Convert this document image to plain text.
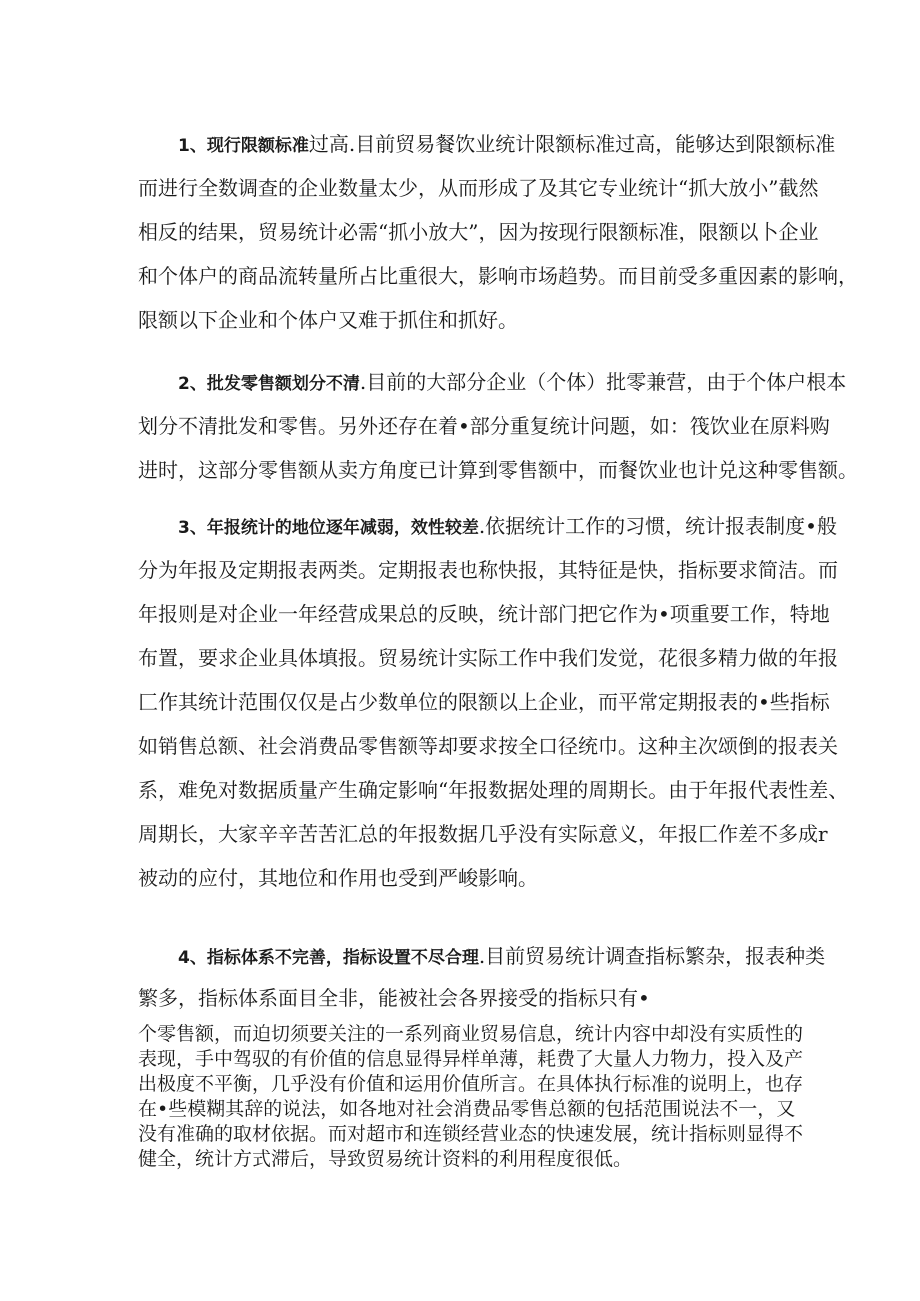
1、现行限额标准过高.目前贸易餐饮业统计限额标准过高，能够达到限额标准
而进行全数调查的企业数量太少，从而形成了及其它专业统计“抓大放小”截然
相反的结果，贸易统计必需“抓小放大”，因为按现行限额标准，限额以卜企业
和个体户的商品流转量所占比重很大，影响市场趋势。而目前受多重因素的影响，
限额以下企业和个体户又难于抓住和抓好。
2、批发零售额划分不清.目前的大部分企业（个体）批零兼营，由于个体户根本
划分不清批发和零售。另外还存在着•部分重复统计问题，如：筏饮业在原料购
进时，这部分零售额从卖方角度已计算到零售额中，而餐饮业也计兑这种零售额。
3、年报统计的地位逐年减弱，效性较差.依据统计工作的习惯，统计报表制度•般
分为年报及定期报表两类。定期报表也称快报，其特征是快，指标要求简洁。而
年报则是对企业一年经营成果总的反映，统计部门把它作为•项重要工作，特地
布置，要求企业具体填报。贸易统计实际工作中我们发觉，花很多精力做的年报
匚作其统计范围仅仅是占少数单位的限额以上企业，而平常定期报表的•些指标
如销售总额、社会消费品零售额等却要求按全口径统巾。这种主次颂倒的报表关
系，难免对数据质量产生确定影响“年报数据处理的周期长。由于年报代表性差、
周期长，大家辛辛苦苦汇总的年报数据几乎没有实际意义，年报匚作差不多成r
被动的应付，其地位和作用也受到严峻影响。
4、指标体系不完善，指标设置不尽合理.目前贸易统计调查指标繁杂，报表种类
繁多，指标体系面目全非，能被社会各界接受的指标只有•
个零售额，而迫切须要关注的一系列商业贸易信息，统计内容中却没有实质性的
表现，手中驾驭的有价值的信息显得异样单薄，耗费了大量人力物力，投入及产
出极度不平衡，几乎没有价值和运用价值所言。在具体执行标准的说明上，也存
在•些模糊其辞的说法，如各地对社会消费品零售总额的包括范围说法不一，又
没有准确的取材依据。而对超市和连锁经营业态的快速发展，统计指标则显得不
健全，统计方式滞后，导致贸易统计资料的利用程度很低。
